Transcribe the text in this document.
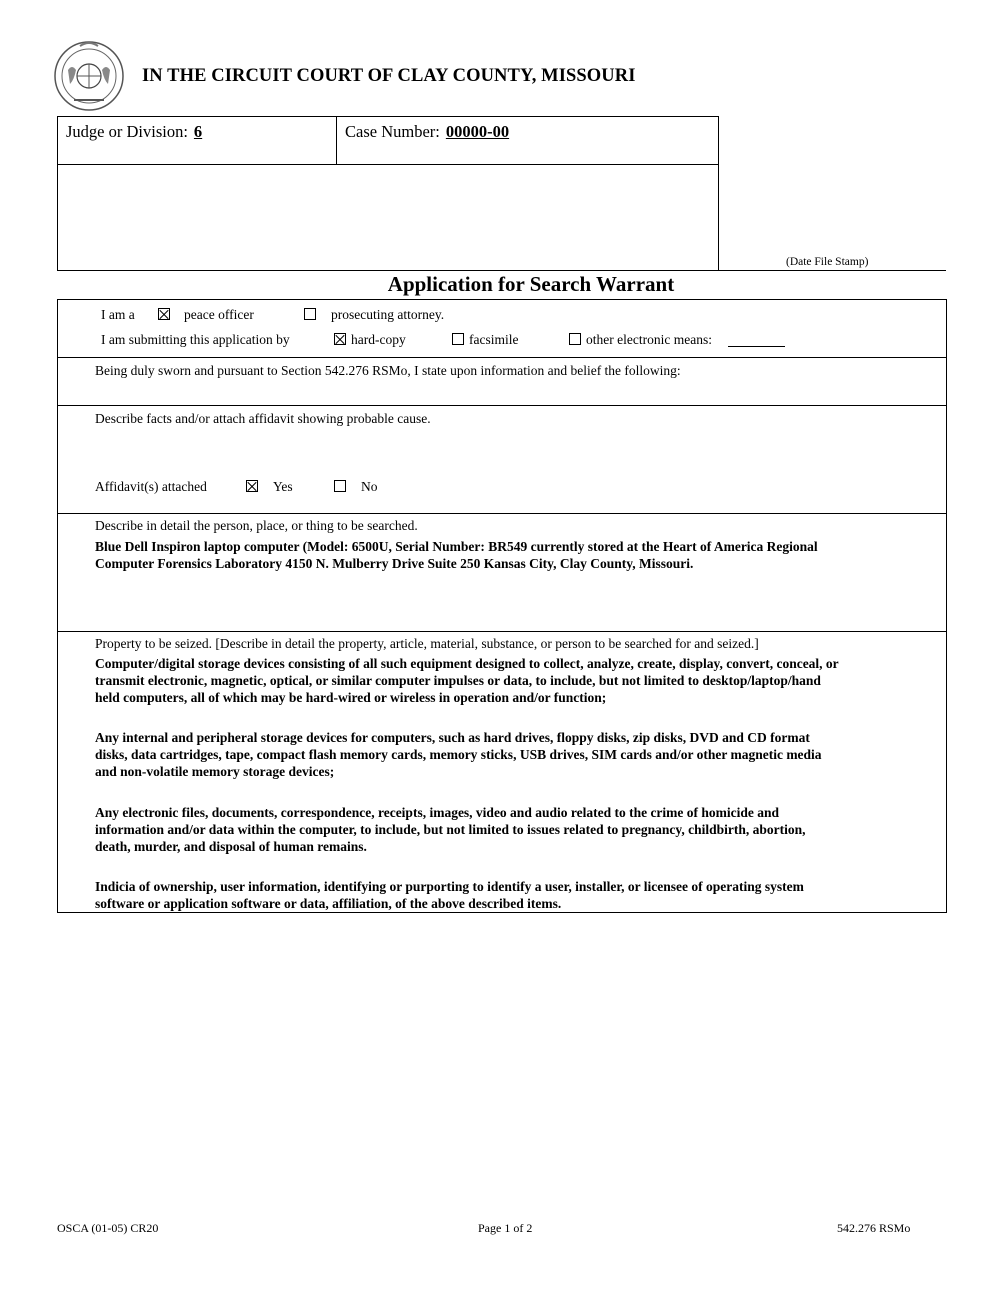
IN THE CIRCUIT COURT OF CLAY COUNTY, MISSOURI
Judge or Division: 6	Case Number: 00000-00
(Date File Stamp)
Application for Search Warrant
I am a	peace officer	prosecuting attorney.
I am submitting this application by	hard-copy	facsimile	other electronic means:
Being duly sworn and pursuant to Section 542.276 RSMo, I state upon information and belief the following:
Describe facts and/or attach affidavit showing probable cause.
Affidavit(s) attached	Yes	No
Describe in detail the person, place, or thing to be searched.
Blue Dell Inspiron laptop computer (Model: 6500U, Serial Number: BR549 currently stored at the Heart of America Regional
Computer Forensics Laboratory 4150 N. Mulberry Drive Suite 250 Kansas City, Clay County, Missouri.
Property to be seized. [Describe in detail the property, article, material, substance, or person to be searched for and seized.]
Computer/digital storage devices consisting of all such equipment designed to collect, analyze, create, display, convert, conceal, or
transmit electronic, magnetic, optical, or similar computer impulses or data, to include, but not limited to desktop/laptop/hand
held computers, all of which may be hard-wired or wireless in operation and/or function;
Any internal and peripheral storage devices for computers, such as hard drives, floppy disks, zip disks, DVD and CD format
disks, data cartridges, tape, compact flash memory cards, memory sticks, USB drives, SIM cards and/or other magnetic media
and non-volatile memory storage devices;
Any electronic files, documents, correspondence, receipts, images, video and audio related to the crime of homicide and
information and/or data within the computer, to include, but not limited to issues related to pregnancy, childbirth, abortion,
death, murder, and disposal of human remains.
Indicia of ownership, user information, identifying or purporting to identify a user, installer, or licensee of operating system
software or application software or data, affiliation, of the above described items.
OSCA (01-05) CR20	Page 1 of 2	542.276 RSMo
